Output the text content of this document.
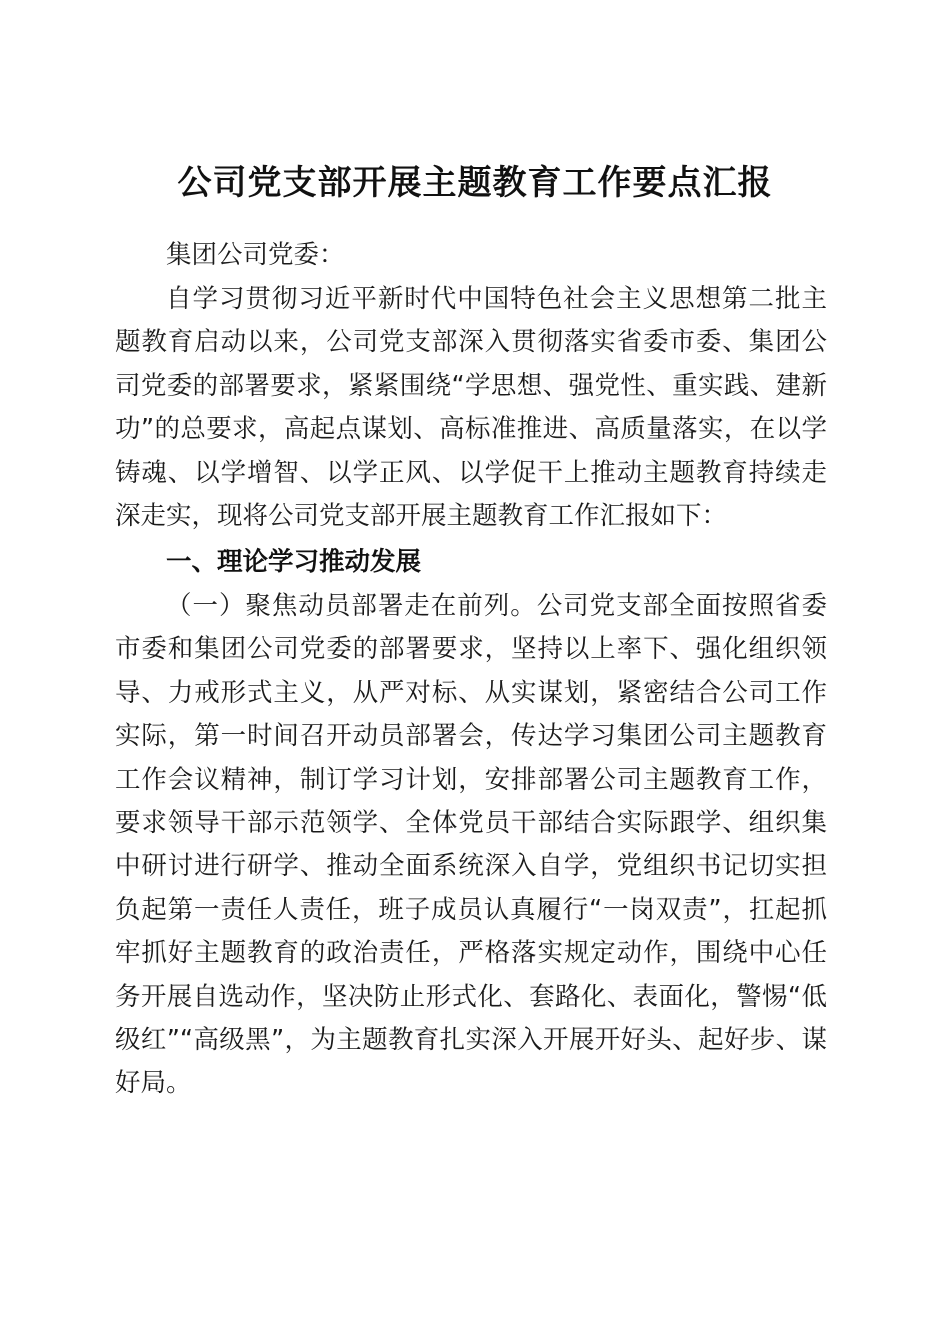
公司党支部开展主题教育工作要点汇报

集团公司党委：

自学习贯彻习近平新时代中国特色社会主义思想第二批主题教育启动以来，公司党支部深入贯彻落实省委市委、集团公司党委的部署要求，紧紧围绕“学思想、强党性、重实践、建新功”的总要求，高起点谋划、高标准推进、高质量落实，在以学铸魂、以学增智、以学正风、以学促干上推动主题教育持续走深走实，现将公司党支部开展主题教育工作汇报如下：

一、理论学习推动发展

（一）聚焦动员部署走在前列。公司党支部全面按照省委市委和集团公司党委的部署要求，坚持以上率下、强化组织领导、力戒形式主义，从严对标、从实谋划，紧密结合公司工作实际，第一时间召开动员部署会，传达学习集团公司主题教育工作会议精神，制订学习计划，安排部署公司主题教育工作，要求领导干部示范领学、全体党员干部结合实际跟学、组织集中研讨进行研学、推动全面系统深入自学，党组织书记切实担负起第一责任人责任，班子成员认真履行“一岗双责”，扛起抓牢抓好主题教育的政治责任，严格落实规定动作，围绕中心任务开展自选动作，坚决防止形式化、套路化、表面化，警惕“低级红”“高级黑”，为主题教育扎实深入开展开好头、起好步、谋好局。
